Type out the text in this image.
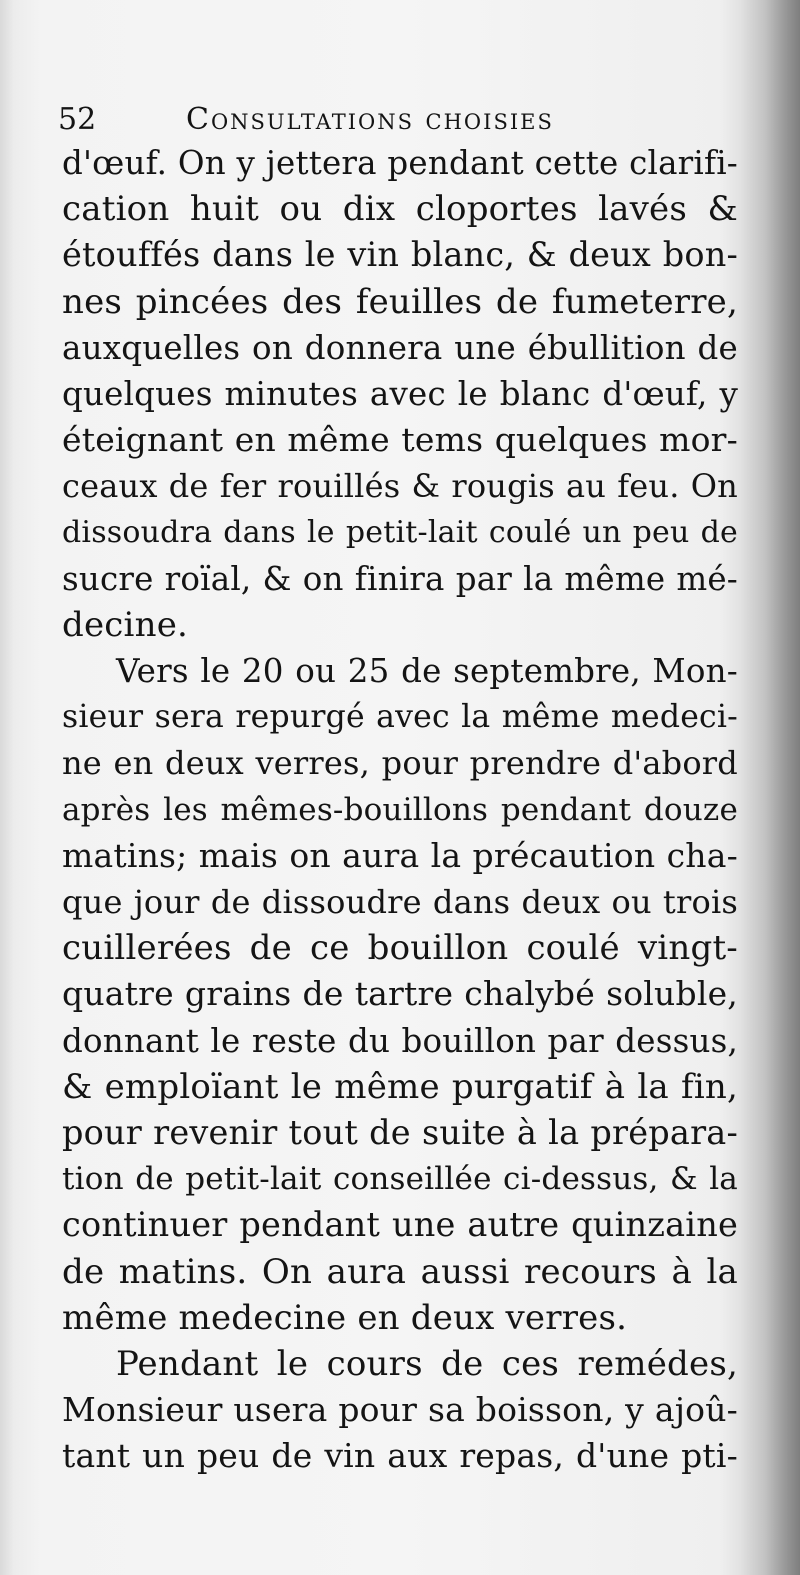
52	Consultations choisies
d'œuf. On y jettera pendant cette clarifi-
cation huit ou dix cloportes lavés &
étouffés dans le vin blanc, & deux bon-
nes pincées des feuilles de fumeterre,
auxquelles on donnera une ébullition de
quelques minutes avec le blanc d'œuf, y
éteignant en même tems quelques mor-
ceaux de fer rouillés & rougis au feu. On
dissoudra dans le petit-lait coulé un peu de
sucre roïal, & on finira par la même mé-
decine.
Vers le 20 ou 25 de septembre, Mon-
sieur sera repurgé avec la même medeci-
ne en deux verres, pour prendre d'abord
après les mêmes-bouillons pendant douze
matins; mais on aura la précaution cha-
que jour de dissoudre dans deux ou trois
cuillerées de ce bouillon coulé vingt-
quatre grains de tartre chalybé soluble,
donnant le reste du bouillon par dessus,
& emploïant le même purgatif à la fin,
pour revenir tout de suite à la prépara-
tion de petit-lait conseillée ci-dessus, & la
continuer pendant une autre quinzaine
de matins. On aura aussi recours à la
même medecine en deux verres.
Pendant le cours de ces remédes,
Monsieur usera pour sa boisson, y ajoû-
tant un peu de vin aux repas, d'une pti-
